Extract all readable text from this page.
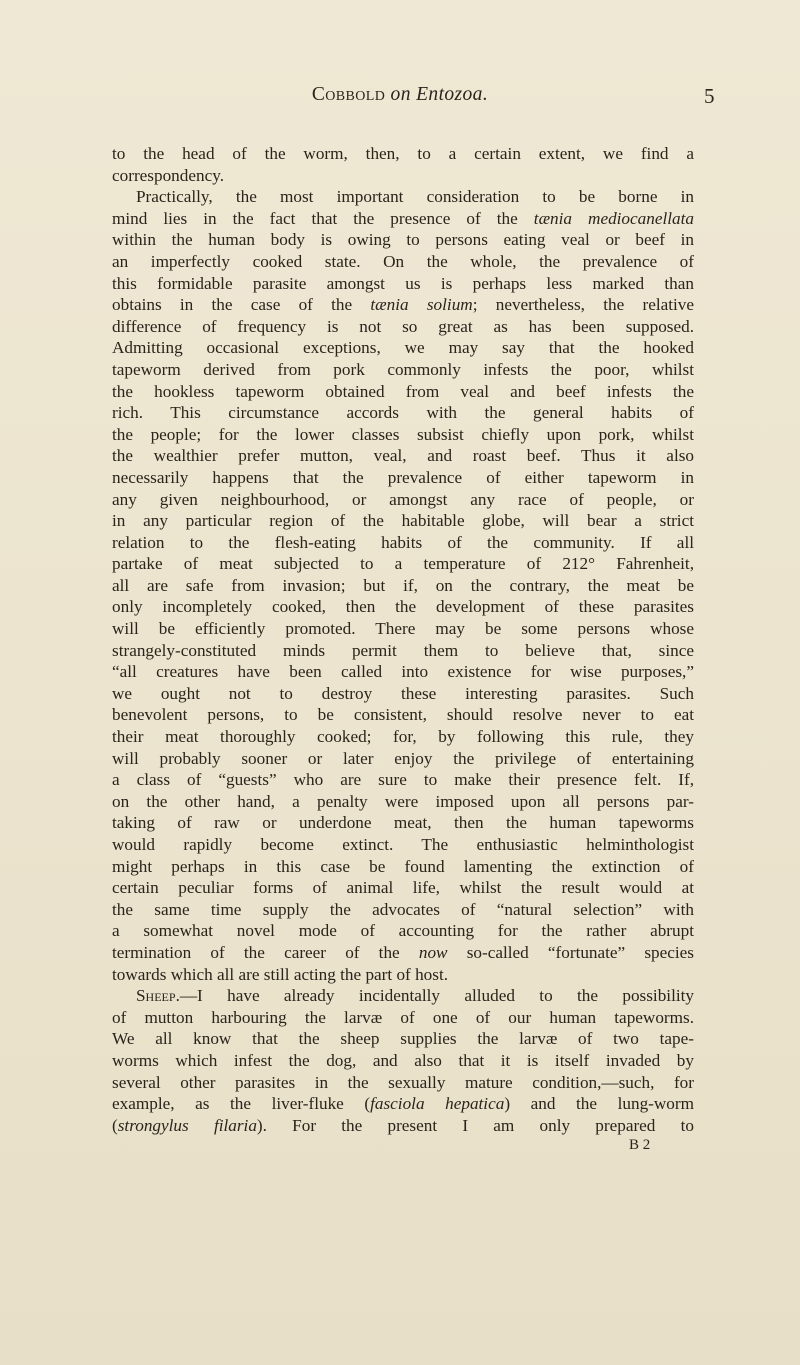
Cobbold on Entozoa.	5
to the head of the worm, then, to a certain extent, we find a
correspondency.
Practically, the most important consideration to be borne in
mind lies in the fact that the presence of the tænia mediocanellata
within the human body is owing to persons eating veal or beef in
an imperfectly cooked state. On the whole, the prevalence of
this formidable parasite amongst us is perhaps less marked than
obtains in the case of the tænia solium; nevertheless, the relative
difference of frequency is not so great as has been supposed.
Admitting occasional exceptions, we may say that the hooked
tapeworm derived from pork commonly infests the poor, whilst
the hookless tapeworm obtained from veal and beef infests the
rich. This circumstance accords with the general habits of
the people; for the lower classes subsist chiefly upon pork, whilst
the wealthier prefer mutton, veal, and roast beef. Thus it also
necessarily happens that the prevalence of either tapeworm in
any given neighbourhood, or amongst any race of people, or
in any particular region of the habitable globe, will bear a strict
relation to the flesh-eating habits of the community. If all
partake of meat subjected to a temperature of 212° Fahrenheit,
all are safe from invasion; but if, on the contrary, the meat be
only incompletely cooked, then the development of these parasites
will be efficiently promoted. There may be some persons whose
strangely-constituted minds permit them to believe that, since
“all creatures have been called into existence for wise purposes,”
we ought not to destroy these interesting parasites. Such
benevolent persons, to be consistent, should resolve never to eat
their meat thoroughly cooked; for, by following this rule, they
will probably sooner or later enjoy the privilege of entertaining
a class of “guests” who are sure to make their presence felt. If,
on the other hand, a penalty were imposed upon all persons par-
taking of raw or underdone meat, then the human tapeworms
would rapidly become extinct. The enthusiastic helminthologist
might perhaps in this case be found lamenting the extinction of
certain peculiar forms of animal life, whilst the result would at
the same time supply the advocates of “natural selection” with
a somewhat novel mode of accounting for the rather abrupt
termination of the career of the now so-called “fortunate” species
towards which all are still acting the part of host.
Sheep.—I have already incidentally alluded to the possibility
of mutton harbouring the larvæ of one of our human tapeworms.
We all know that the sheep supplies the larvæ of two tape-
worms which infest the dog, and also that it is itself invaded by
several other parasites in the sexually mature condition,—such, for
example, as the liver-fluke (fasciola hepatica) and the lung-worm
(strongylus filaria). For the present I am only prepared to
B 2
